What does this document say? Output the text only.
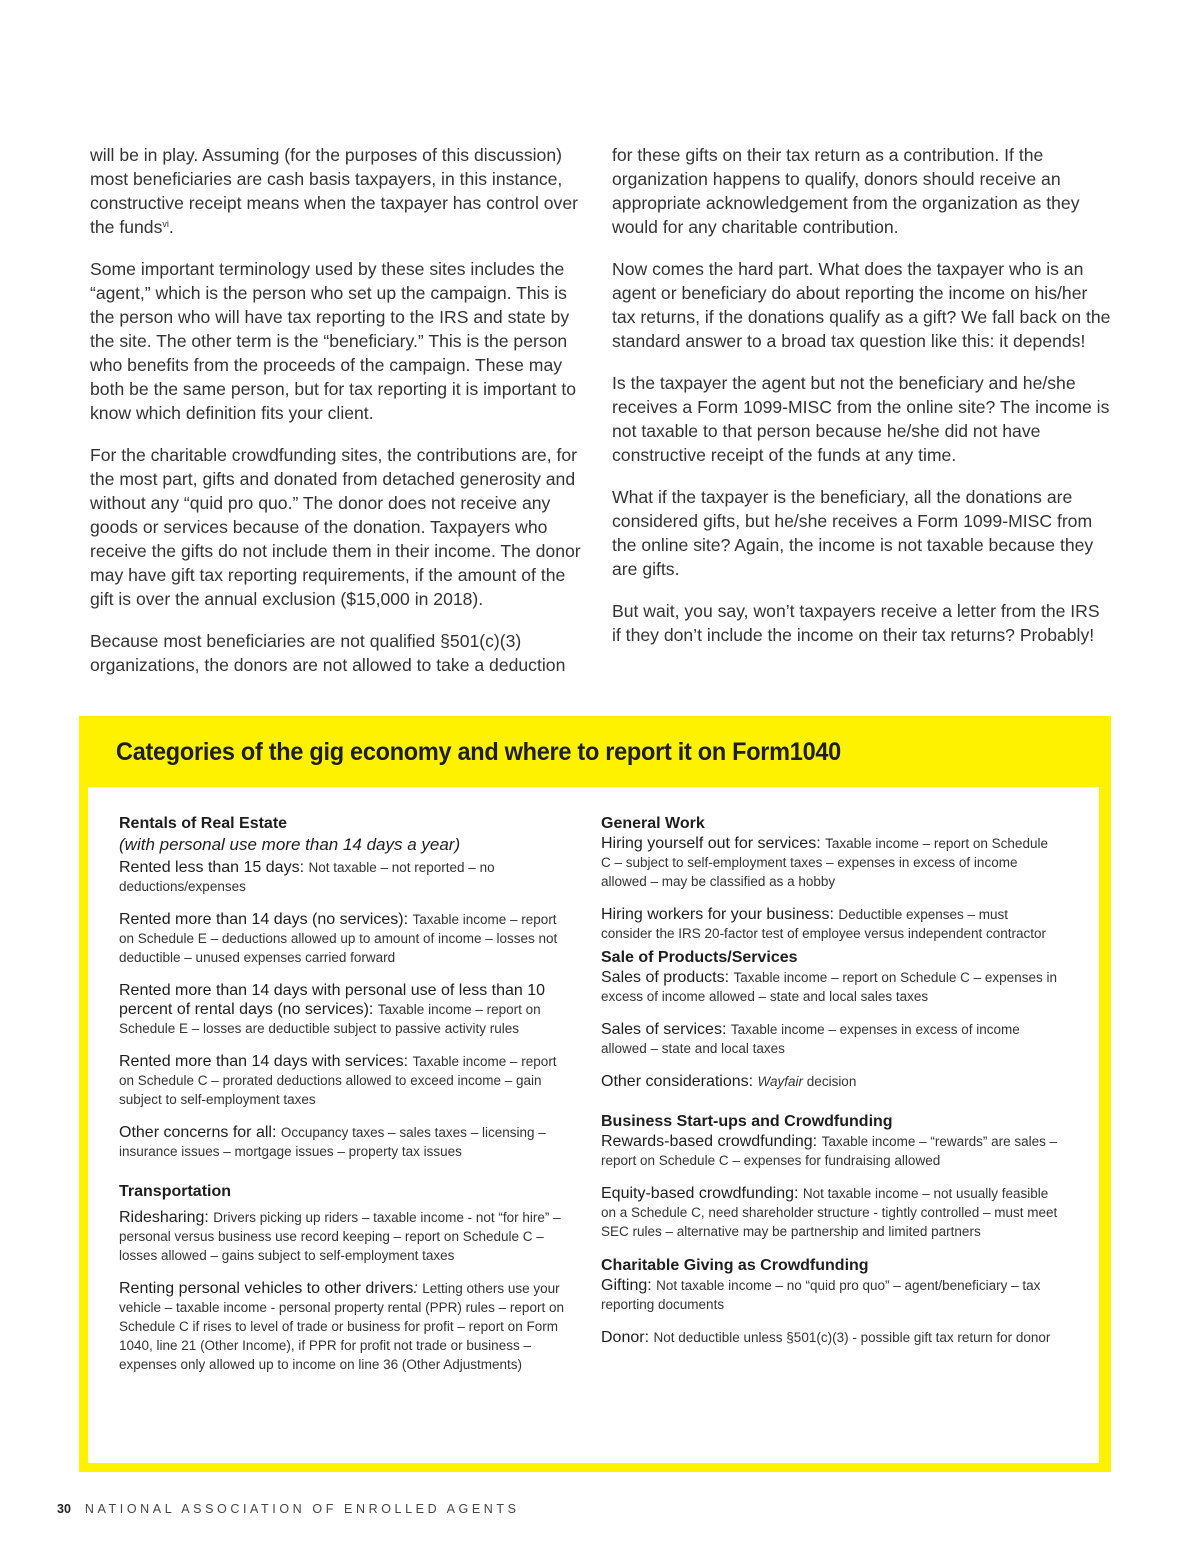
will be in play. Assuming (for the purposes of this discussion) most beneficiaries are cash basis taxpayers, in this instance, constructive receipt means when the taxpayer has control over the funds$^{vi}$.

Some important terminology used by these sites includes the “agent,” which is the person who set up the campaign. This is the person who will have tax reporting to the IRS and state by the site. The other term is the “beneficiary.” This is the person who benefits from the proceeds of the campaign. These may both be the same person, but for tax reporting it is important to know which definition fits your client.

For the charitable crowdfunding sites, the contributions are, for the most part, gifts and donated from detached generosity and without any “quid pro quo.” The donor does not receive any goods or services because of the donation. Taxpayers who receive the gifts do not include them in their income. The donor may have gift tax reporting requirements, if the amount of the gift is over the annual exclusion ($15,000 in 2018).

Because most beneficiaries are not qualified §501(c)(3) organizations, the donors are not allowed to take a deduction

for these gifts on their tax return as a contribution. If the organization happens to qualify, donors should receive an appropriate acknowledgement from the organization as they would for any charitable contribution.

Now comes the hard part. What does the taxpayer who is an agent or beneficiary do about reporting the income on his/her tax returns, if the donations qualify as a gift? We fall back on the standard answer to a broad tax question like this: it depends!

Is the taxpayer the agent but not the beneficiary and he/she receives a Form 1099-MISC from the online site? The income is not taxable to that person because he/she did not have constructive receipt of the funds at any time.

What if the taxpayer is the beneficiary, all the donations are considered gifts, but he/she receives a Form 1099-MISC from the online site? Again, the income is not taxable because they are gifts.

But wait, you say, won’t taxpayers receive a letter from the IRS if they don’t include the income on their tax returns? Probably!

Categories of the gig economy and where to report it on Form1040

Rentals of Real Estate

(with personal use more than 14 days a year)

Rented less than 15 days: Not taxable – not reported – no deductions/expenses

Rented more than 14 days (no services): Taxable income – report on Schedule E – deductions allowed up to amount of income – losses not deductible – unused expenses carried forward

Rented more than 14 days with personal use of less than 10 percent of rental days (no services): Taxable income – report on Schedule E – losses are deductible subject to passive activity rules

Rented more than 14 days with services: Taxable income – report on Schedule C – prorated deductions allowed to exceed income – gain subject to self-employment taxes

Other concerns for all: Occupancy taxes – sales taxes – licensing – insurance issues – mortgage issues – property tax issues

Transportation

Ridesharing: Drivers picking up riders – taxable income - not “for hire” – personal versus business use record keeping – report on Schedule C – losses allowed – gains subject to self-employment taxes

Renting personal vehicles to other drivers: Letting others use your vehicle – taxable income - personal property rental (PPR) rules – report on Schedule C if rises to level of trade or business for profit – report on Form 1040, line 21 (Other Income), if PPR for profit not trade or business – expenses only allowed up to income on line 36 (Other Adjustments)

General Work

Hiring yourself out for services: Taxable income – report on Schedule C – subject to self-employment taxes – expenses in excess of income allowed – may be classified as a hobby

Hiring workers for your business: Deductible expenses – must consider the IRS 20-factor test of employee versus independent contractor

Sale of Products/Services

Sales of products: Taxable income – report on Schedule C – expenses in excess of income allowed – state and local sales taxes

Sales of services: Taxable income – expenses in excess of income allowed – state and local taxes

Other considerations: Wayfair decision

Business Start-ups and Crowdfunding

Rewards-based crowdfunding: Taxable income – “rewards” are sales – report on Schedule C – expenses for fundraising allowed

Equity-based crowdfunding: Not taxable income – not usually feasible on a Schedule C, need shareholder structure - tightly controlled – must meet SEC rules – alternative may be partnership and limited partners

Charitable Giving as Crowdfunding

Gifting: Not taxable income – no “quid pro quo” – agent/beneficiary – tax reporting documents

Donor: Not deductible unless §501(c)(3) - possible gift tax return for donor

30 NATIONAL ASSOCIATION OF ENROLLED AGENTS
